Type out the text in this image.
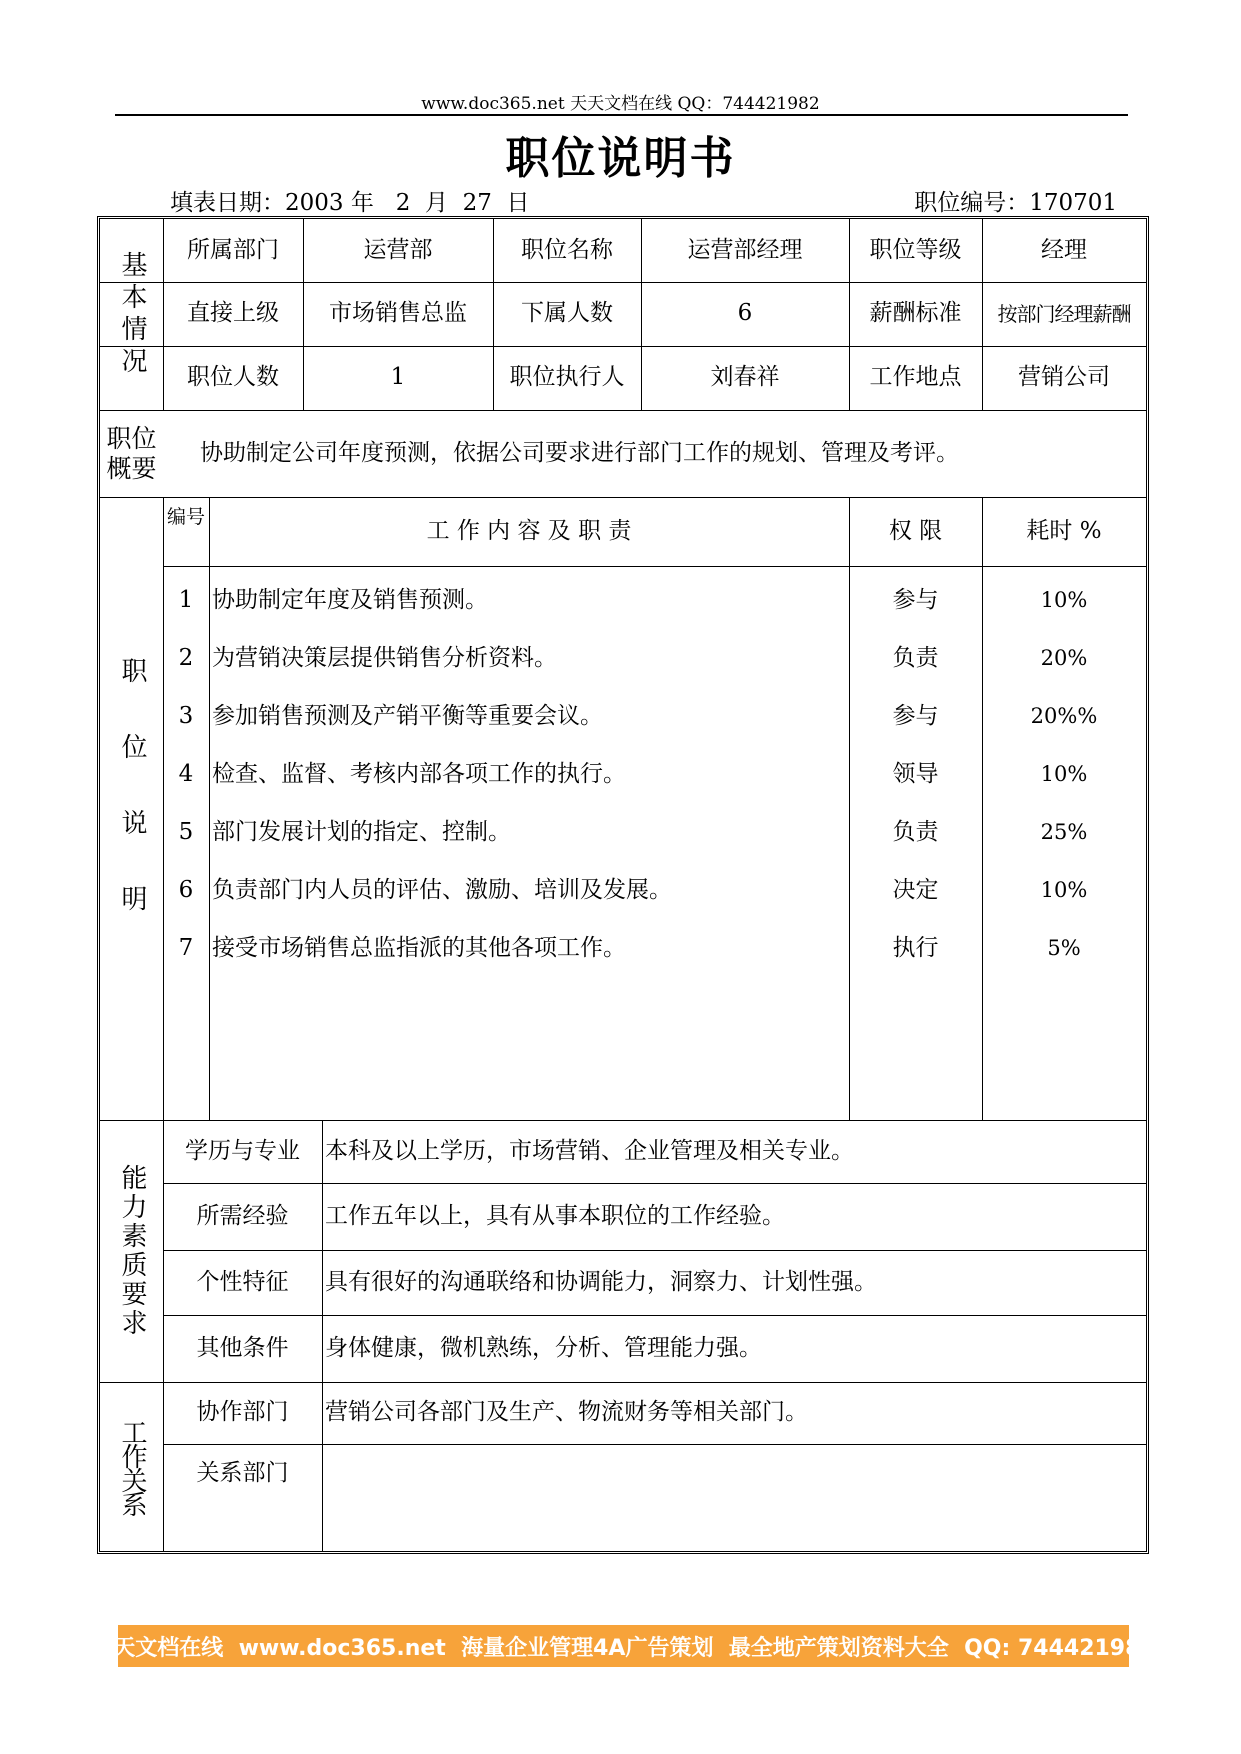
www.doc365.net 天天文档在线 QQ：744421982
职位说明书
填表日期：2003 年   2  月  27  日	职位编号：170701
基本情况
所属部门	运营部	职位名称	运营部经理	职位等级	经理
直接上级	市场销售总监	下属人数	6	薪酬标准	按部门经理薪酬
职位人数	1	职位执行人	刘春祥	工作地点	营销公司
职位概要
协助制定公司年度预测，依据公司要求进行部门工作的规划、管理及考评。
职位说明
编号
工 作 内 容 及 职 责	权 限	耗时 %
1 协助制定年度及销售预测。	参与	10%
2 为营销决策层提供销售分析资料。	负责	20%
3 参加销售预测及产销平衡等重要会议。	参与	20%%
4 检查、监督、考核内部各项工作的执行。	领导	10%
5 部门发展计划的指定、控制。	负责	25%
6 负责部门内人员的评估、激励、培训及发展。	决定	10%
7 接受市场销售总监指派的其他各项工作。	执行	5%
能力素质要求
学历与专业	本科及以上学历，市场营销、企业管理及相关专业。
所需经验	工作五年以上，具有从事本职位的工作经验。
个性特征	具有很好的沟通联络和协调能力，洞察力、计划性强。
其他条件	身体健康，微机熟练，分析、管理能力强。
工作关系
协作部门	营销公司各部门及生产、物流财务等相关部门。
关系部门
天天文档在线  www.doc365.net  海量企业管理4A广告策划  最全地产策划资料大全  QQ: 744421982
